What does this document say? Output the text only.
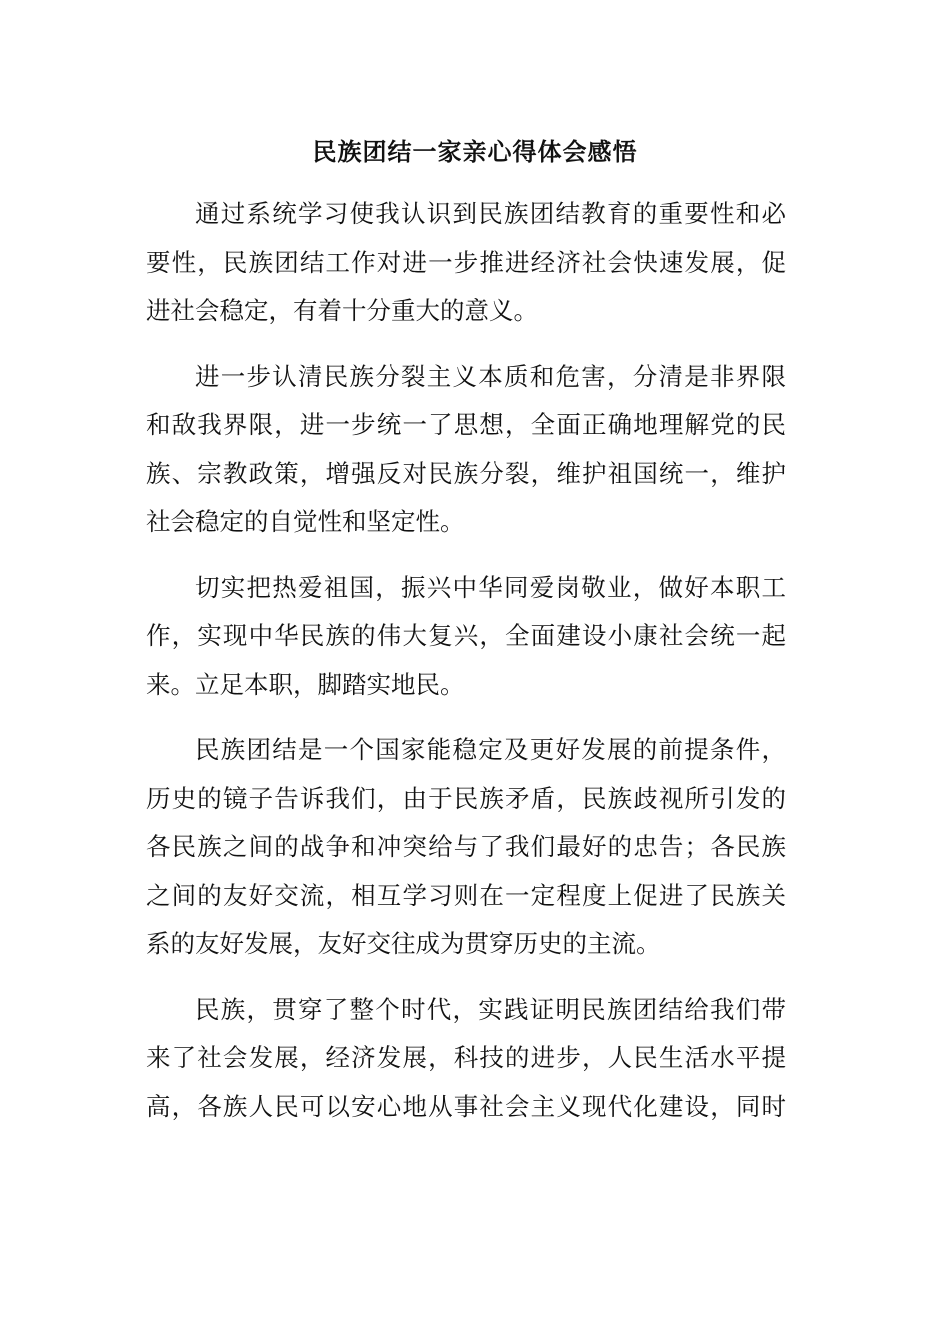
民族团结一家亲心得体会感悟

通过系统学习使我认识到民族团结教育的重要性和必
要性，民族团结工作对进一步推进经济社会快速发展，促
进社会稳定，有着十分重大的意义。

进一步认清民族分裂主义本质和危害，分清是非界限
和敌我界限，进一步统一了思想，全面正确地理解党的民
族、宗教政策，增强反对民族分裂，维护祖国统一，维护
社会稳定的自觉性和坚定性。

切实把热爱祖国，振兴中华同爱岗敬业，做好本职工
作，实现中华民族的伟大复兴，全面建设小康社会统一起
来。立足本职，脚踏实地民。

民族团结是一个国家能稳定及更好发展的前提条件，
历史的镜子告诉我们，由于民族矛盾，民族歧视所引发的
各民族之间的战争和冲突给与了我们最好的忠告；各民族
之间的友好交流，相互学习则在一定程度上促进了民族关
系的友好发展，友好交往成为贯穿历史的主流。

民族，贯穿了整个时代，实践证明民族团结给我们带
来了社会发展，经济发展，科技的进步，人民生活水平提
高，各族人民可以安心地从事社会主义现代化建设，同时
